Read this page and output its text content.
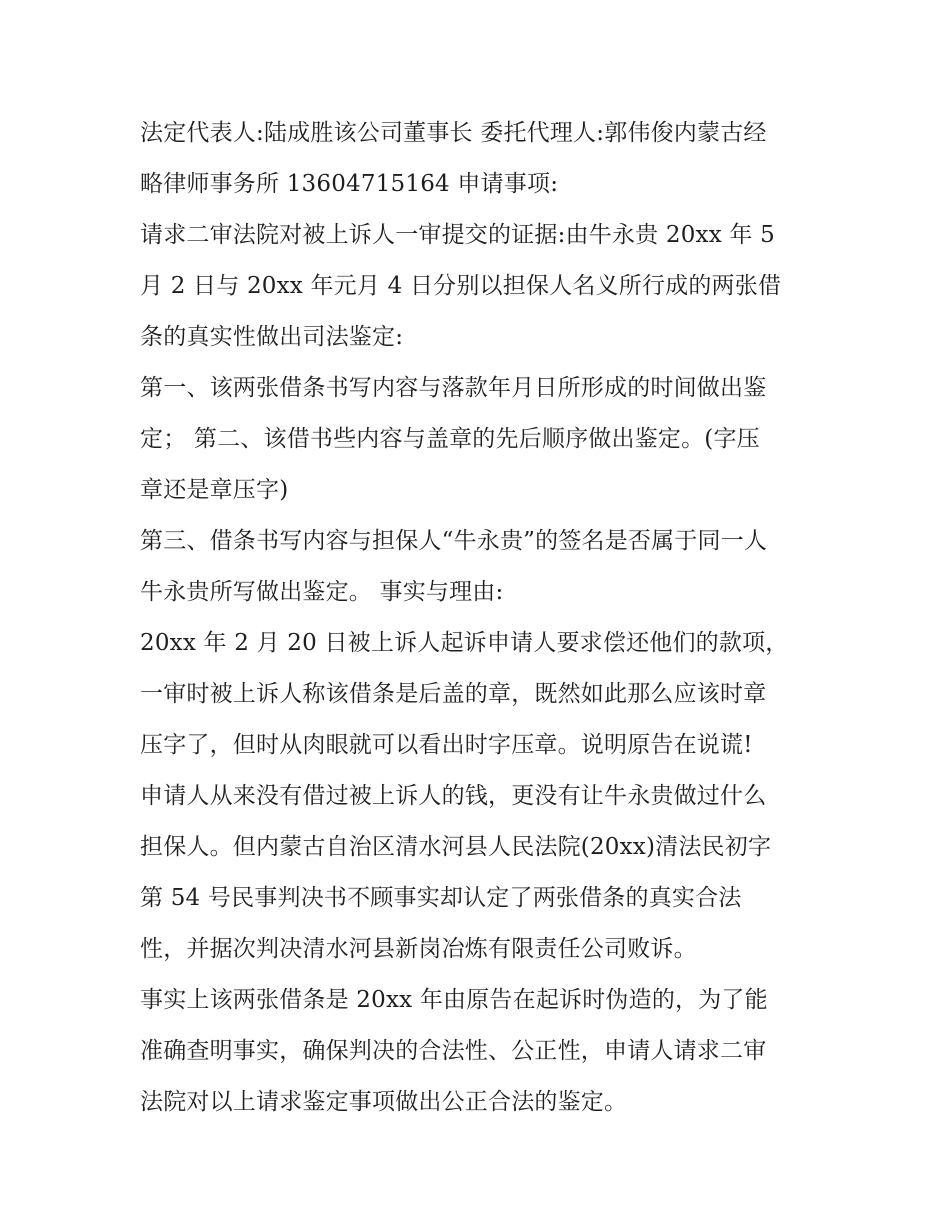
法定代表人:陆成胜该公司董事长 委托代理人:郭伟俊内蒙古经
略律师事务所 13604715164 申请事项:
请求二审法院对被上诉人一审提交的证据:由牛永贵 20xx 年 5
月 2 日与 20xx 年元月 4 日分别以担保人名义所行成的两张借
条的真实性做出司法鉴定:
第一、该两张借条书写内容与落款年月日所形成的时间做出鉴
定； 第二、该借书些内容与盖章的先后顺序做出鉴定。(字压
章还是章压字)
第三、借条书写内容与担保人“牛永贵”的签名是否属于同一人
牛永贵所写做出鉴定。 事实与理由:
20xx 年 2 月 20 日被上诉人起诉申请人要求偿还他们的款项，
一审时被上诉人称该借条是后盖的章，既然如此那么应该时章
压字了，但时从肉眼就可以看出时字压章。说明原告在说谎!
申请人从来没有借过被上诉人的钱，更没有让牛永贵做过什么
担保人。但内蒙古自治区清水河县人民法院(20xx)清法民初字
第 54 号民事判决书不顾事实却认定了两张借条的真实合法
性，并据次判决清水河县新岗冶炼有限责任公司败诉。
事实上该两张借条是 20xx 年由原告在起诉时伪造的，为了能
准确查明事实，确保判决的合法性、公正性，申请人请求二审
法院对以上请求鉴定事项做出公正合法的鉴定。
